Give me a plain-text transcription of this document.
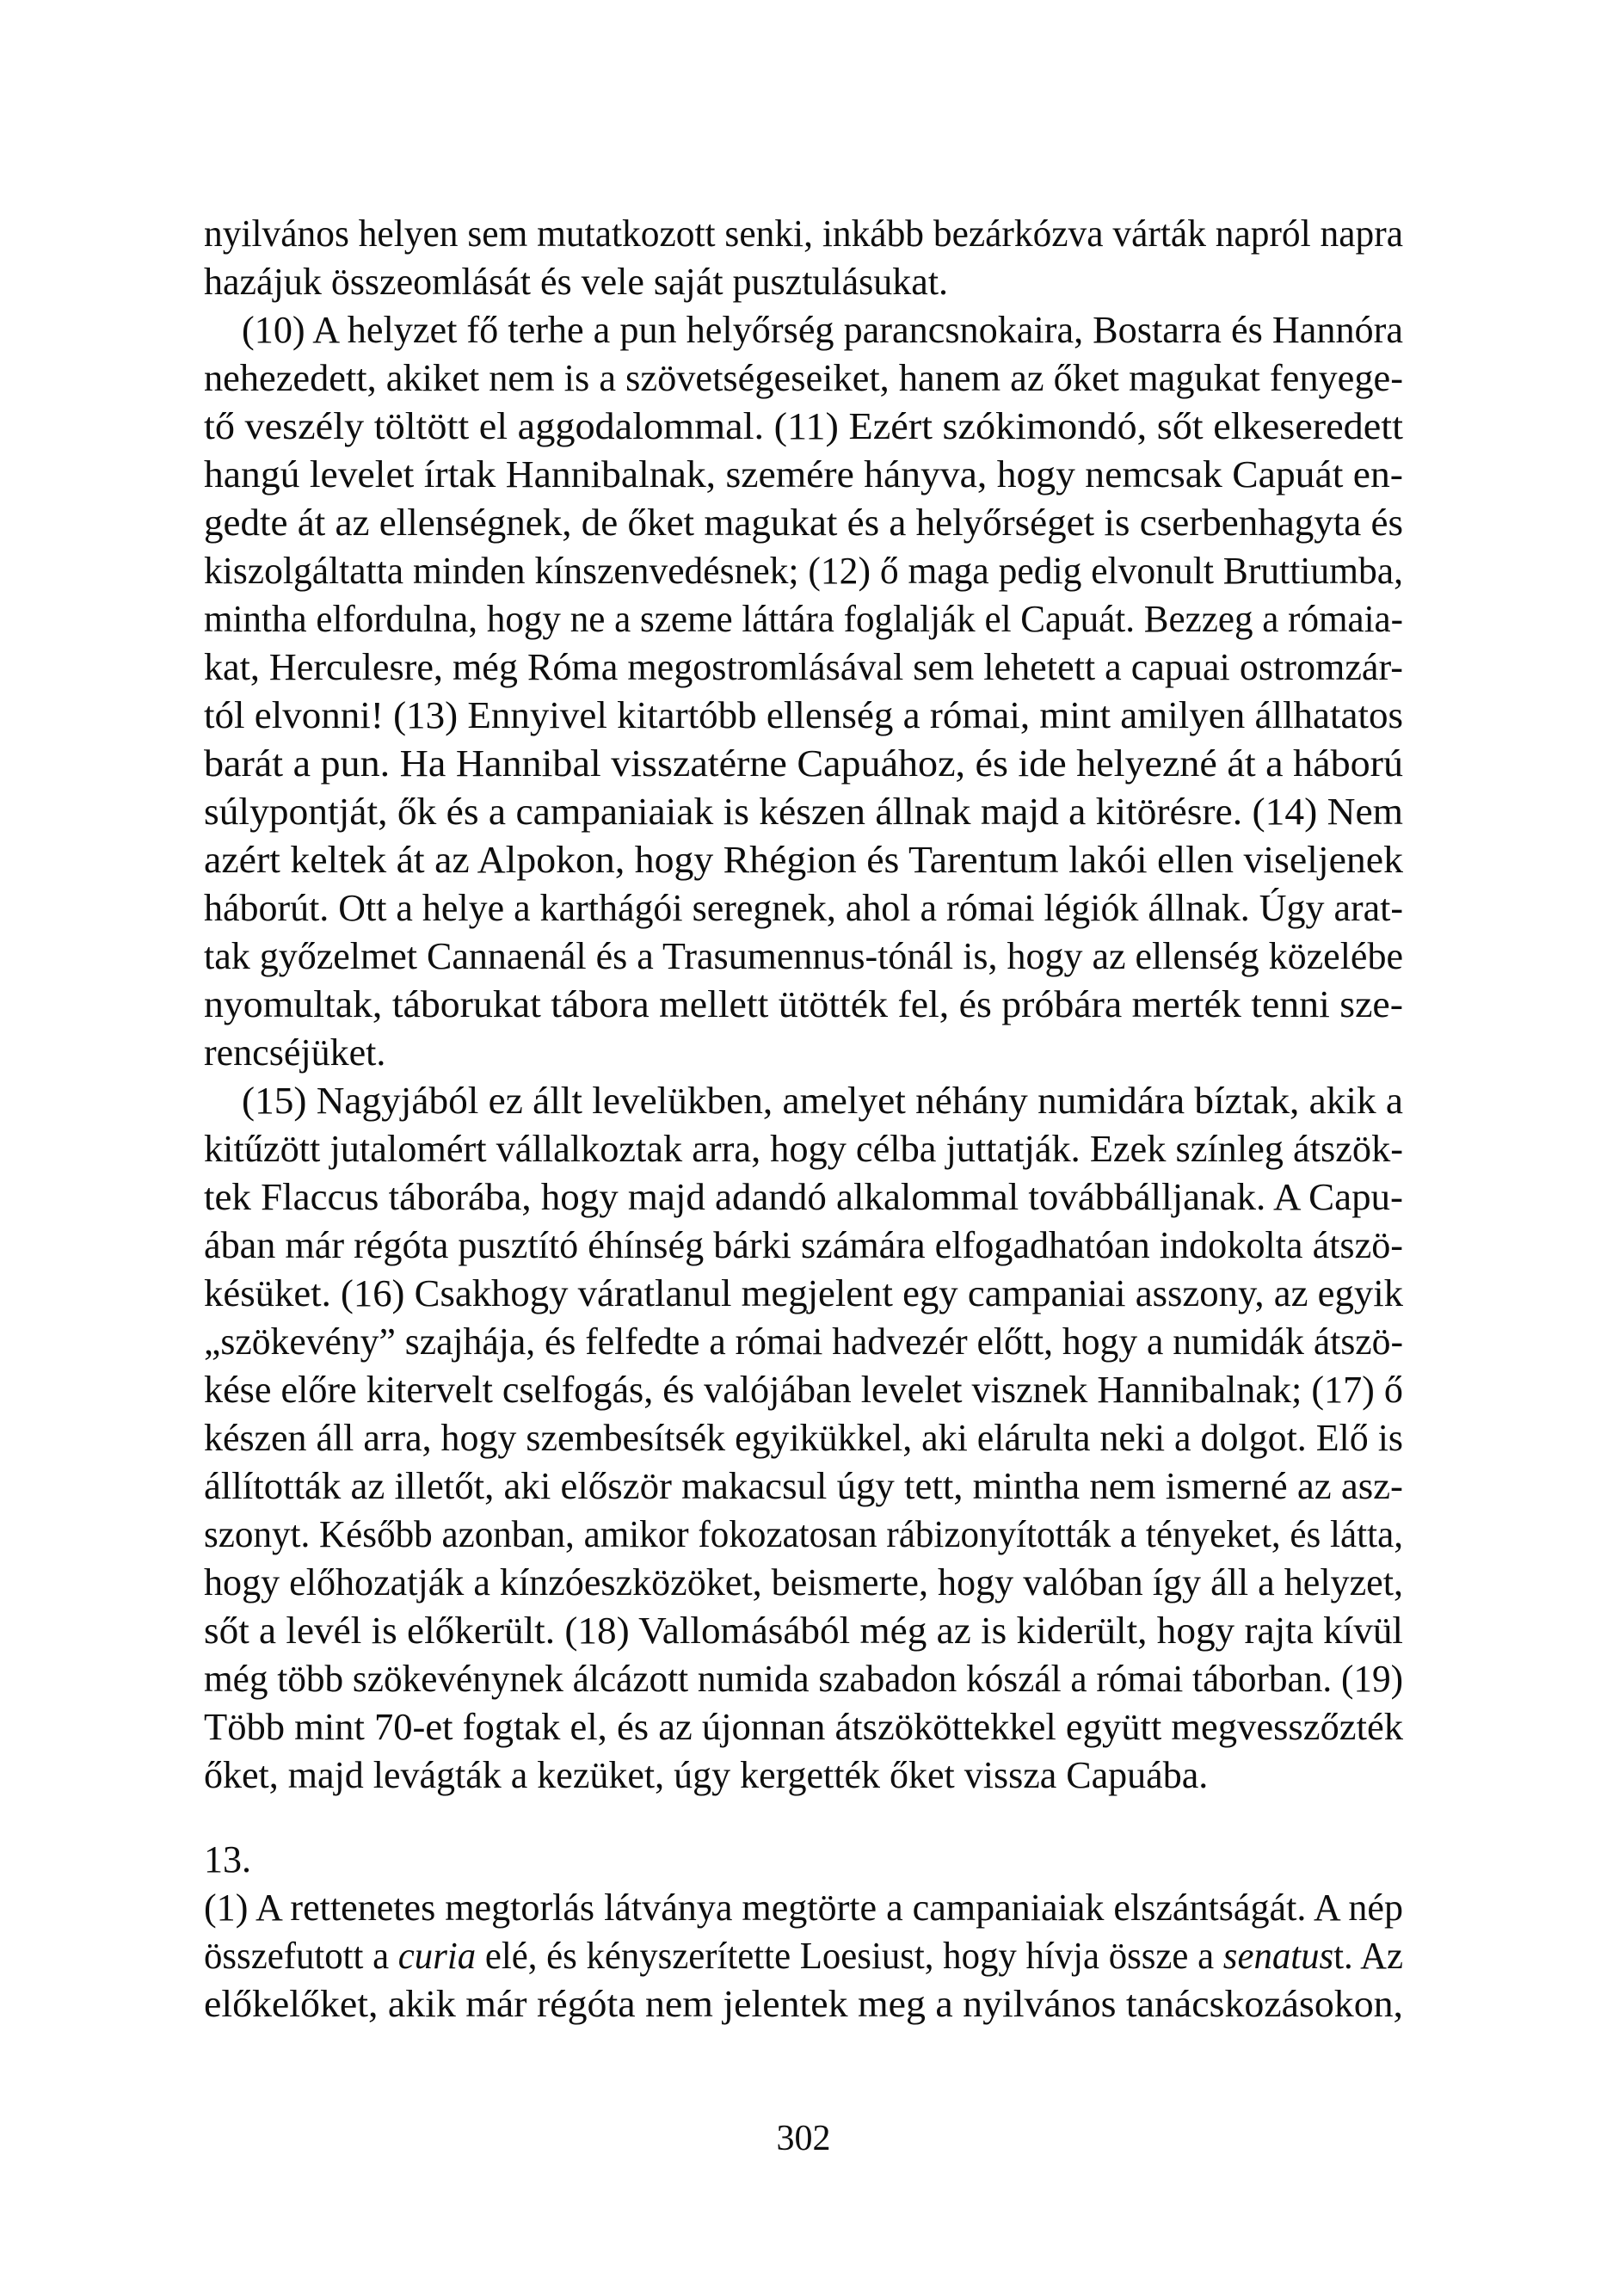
nyilvános helyen sem mutatkozott senki, inkább bezárkózva várták napról napra
hazájuk összeomlását és vele saját pusztulásukat.
(10) A helyzet fő terhe a pun helyőrség parancsnokaira, Bostarra és Hannóra
nehezedett, akiket nem is a szövetségeseiket, hanem az őket magukat fenyege-
tő veszély töltött el aggodalommal. (11) Ezért szókimondó, sőt elkeseredett
hangú levelet írtak Hannibalnak, szemére hányva, hogy nemcsak Capuát en-
gedte át az ellenségnek, de őket magukat és a helyőrséget is cserbenhagyta és
kiszolgáltatta minden kínszenvedésnek; (12) ő maga pedig elvonult Bruttiumba,
mintha elfordulna, hogy ne a szeme láttára foglalják el Capuát. Bezzeg a rómaia-
kat, Herculesre, még Róma megostromlásával sem lehetett a capuai ostromzár-
tól elvonni! (13) Ennyivel kitartóbb ellenség a római, mint amilyen állhatatos
barát a pun. Ha Hannibal visszatérne Capuához, és ide helyezné át a háború
súlypontját, ők és a campaniaiak is készen állnak majd a kitörésre. (14) Nem
azért keltek át az Alpokon, hogy Rhégion és Tarentum lakói ellen viseljenek
háborút. Ott a helye a karthágói seregnek, ahol a római légiók állnak. Úgy arat-
tak győzelmet Cannaenál és a Trasumennus-tónál is, hogy az ellenség közelébe
nyomultak, táborukat tábora mellett ütötték fel, és próbára merték tenni sze-
rencséjüket.
(15) Nagyjából ez állt levelükben, amelyet néhány numidára bíztak, akik a
kitűzött jutalomért vállalkoztak arra, hogy célba juttatják. Ezek színleg átszök-
tek Flaccus táborába, hogy majd adandó alkalommal továbbálljanak. A Capu-
ában már régóta pusztító éhínség bárki számára elfogadhatóan indokolta átszö-
késüket. (16) Csakhogy váratlanul megjelent egy campaniai asszony, az egyik
„szökevény” szajhája, és felfedte a római hadvezér előtt, hogy a numidák átszö-
kése előre kitervelt cselfogás, és valójában levelet visznek Hannibalnak; (17) ő
készen áll arra, hogy szembesítsék egyikükkel, aki elárulta neki a dolgot. Elő is
állították az illetőt, aki először makacsul úgy tett, mintha nem ismerné az asz-
szonyt. Később azonban, amikor fokozatosan rábizonyították a tényeket, és látta,
hogy előhozatják a kínzóeszközöket, beismerte, hogy valóban így áll a helyzet,
sőt a levél is előkerült. (18) Vallomásából még az is kiderült, hogy rajta kívül
még több szökevénynek álcázott numida szabadon kószál a római táborban. (19)
Több mint 70-et fogtak el, és az újonnan átszököttekkel együtt megvesszőzték
őket, majd levágták a kezüket, úgy kergették őket vissza Capuába.
13.
(1) A rettenetes megtorlás látványa megtörte a campaniaiak elszántságát. A nép
összefutott a curia elé, és kényszerítette Loesiust, hogy hívja össze a senatust. Az
előkelőket, akik már régóta nem jelentek meg a nyilvános tanácskozásokon,
302
